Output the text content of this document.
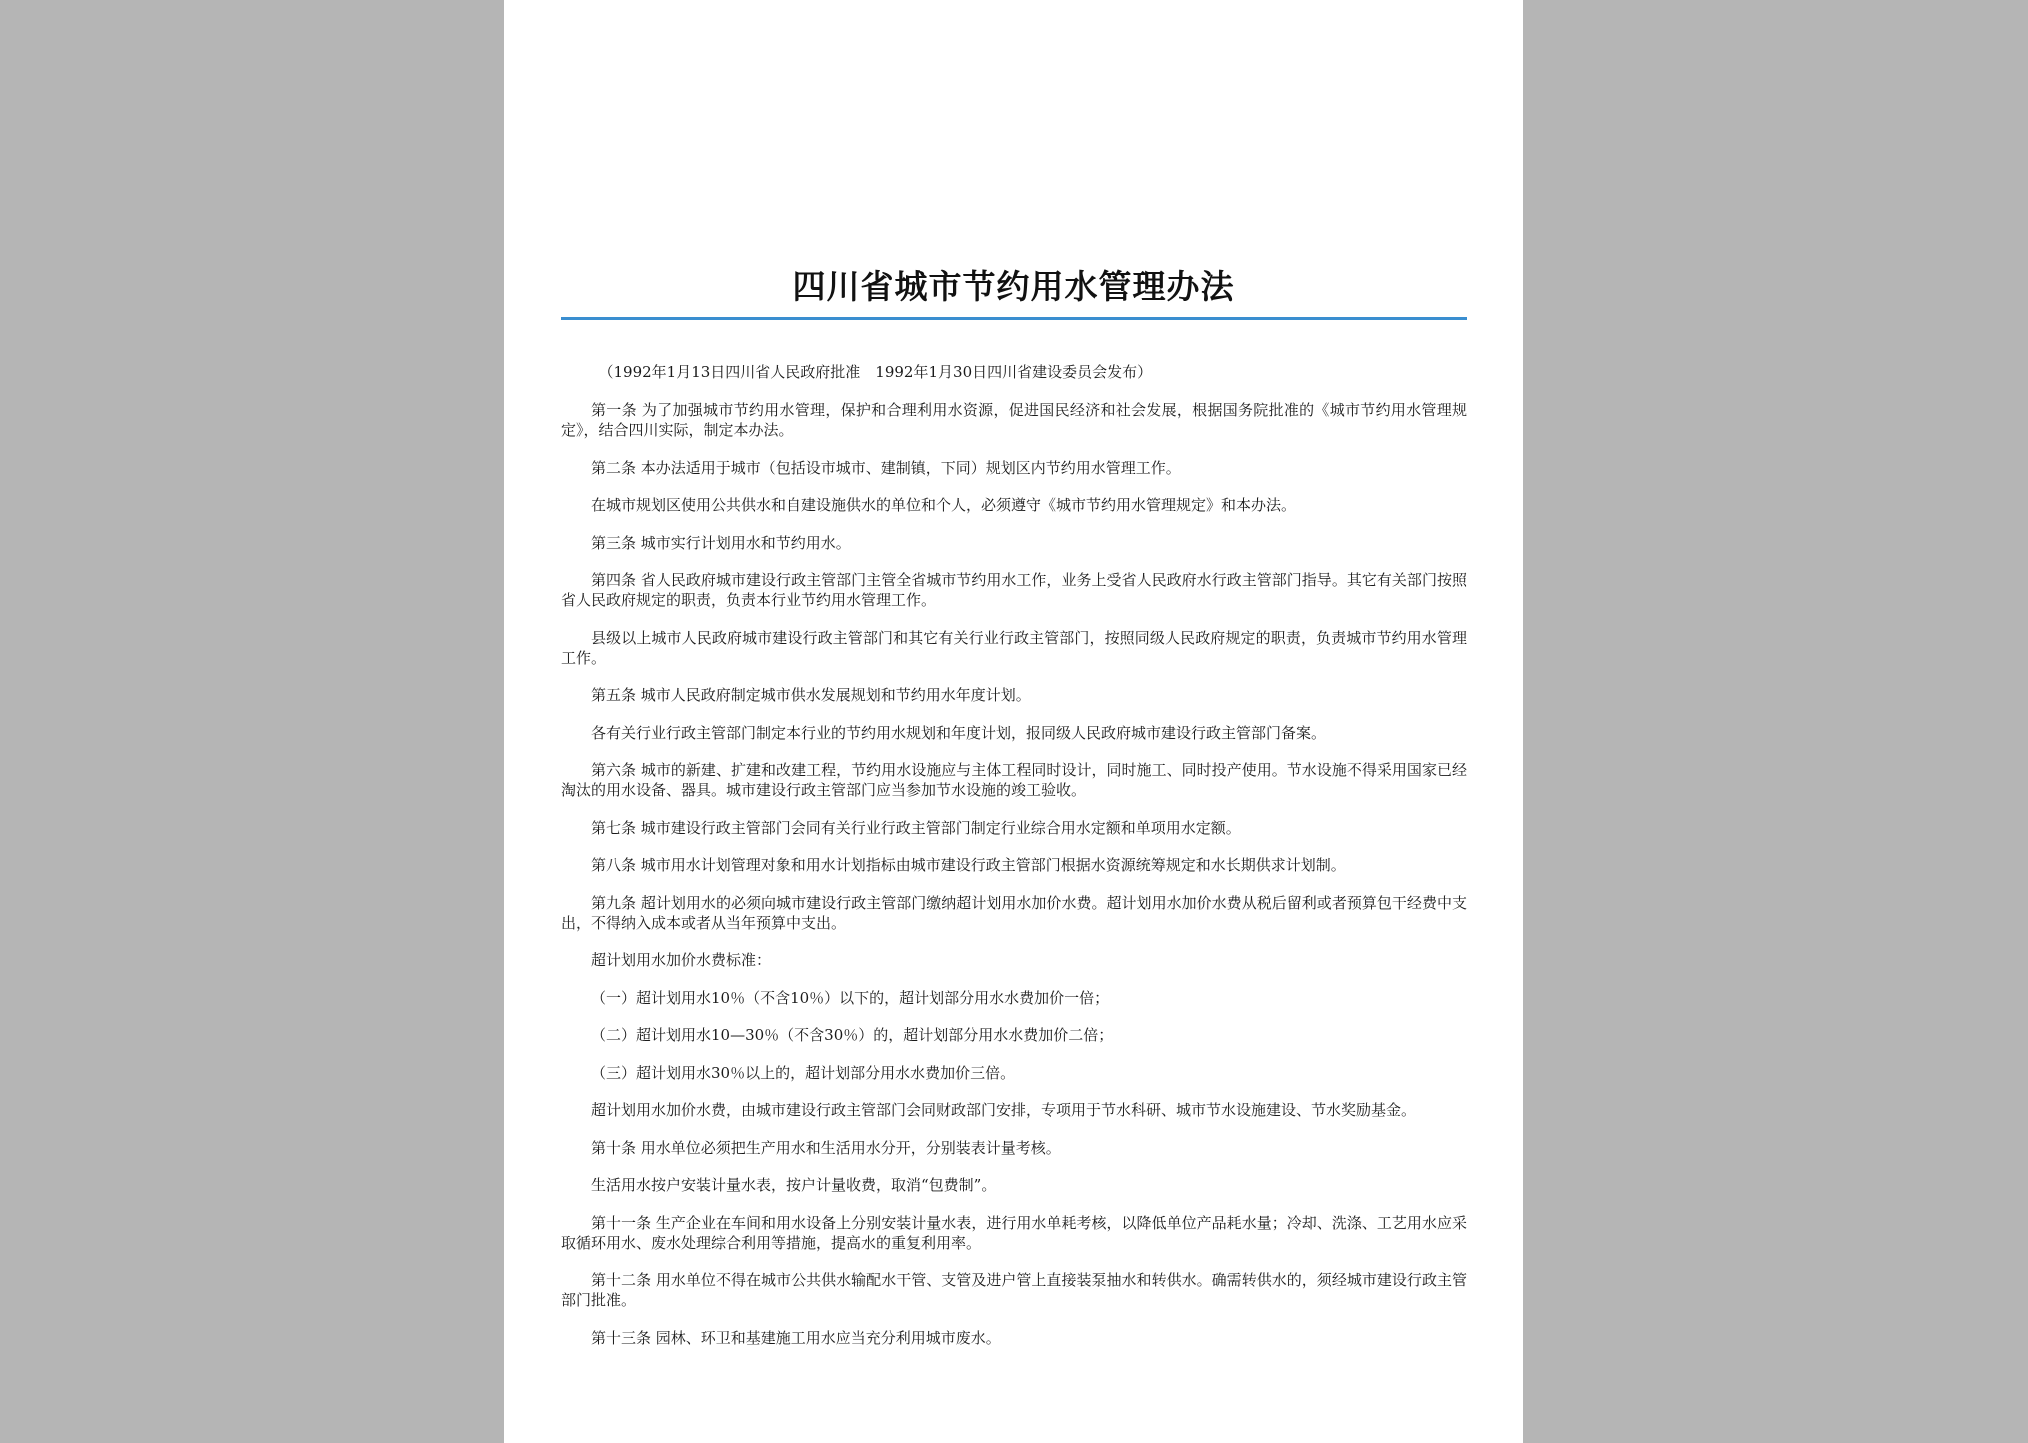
四川省城市节约用水管理办法

（1992年1月13日四川省人民政府批准　1992年1月30日四川省建设委员会发布）

第一条 为了加强城市节约用水管理，保护和合理利用水资源，促进国民经济和社会发展，根据国务院批准的《城市节约用水管理规定》，结合四川实际，制定本办法。

第二条 本办法适用于城市（包括设市城市、建制镇，下同）规划区内节约用水管理工作。

在城市规划区使用公共供水和自建设施供水的单位和个人，必须遵守《城市节约用水管理规定》和本办法。

第三条 城市实行计划用水和节约用水。

第四条 省人民政府城市建设行政主管部门主管全省城市节约用水工作，业务上受省人民政府水行政主管部门指导。其它有关部门按照省人民政府规定的职责，负责本行业节约用水管理工作。

县级以上城市人民政府城市建设行政主管部门和其它有关行业行政主管部门，按照同级人民政府规定的职责，负责城市节约用水管理工作。

第五条 城市人民政府制定城市供水发展规划和节约用水年度计划。

各有关行业行政主管部门制定本行业的节约用水规划和年度计划，报同级人民政府城市建设行政主管部门备案。

第六条 城市的新建、扩建和改建工程，节约用水设施应与主体工程同时设计，同时施工、同时投产使用。节水设施不得采用国家已经淘汰的用水设备、器具。城市建设行政主管部门应当参加节水设施的竣工验收。

第七条 城市建设行政主管部门会同有关行业行政主管部门制定行业综合用水定额和单项用水定额。

第八条 城市用水计划管理对象和用水计划指标由城市建设行政主管部门根据水资源统筹规定和水长期供求计划制。

第九条 超计划用水的必须向城市建设行政主管部门缴纳超计划用水加价水费。超计划用水加价水费从税后留利或者预算包干经费中支出，不得纳入成本或者从当年预算中支出。

超计划用水加价水费标准：

（一）超计划用水10％（不含10％）以下的，超计划部分用水水费加价一倍；

（二）超计划用水10—30％（不含30％）的，超计划部分用水水费加价二倍；

（三）超计划用水30％以上的，超计划部分用水水费加价三倍。

超计划用水加价水费，由城市建设行政主管部门会同财政部门安排，专项用于节水科研、城市节水设施建设、节水奖励基金。

第十条 用水单位必须把生产用水和生活用水分开，分别装表计量考核。

生活用水按户安装计量水表，按户计量收费，取消“包费制”。

第十一条 生产企业在车间和用水设备上分别安装计量水表，进行用水单耗考核，以降低单位产品耗水量；冷却、洗涤、工艺用水应采取循环用水、废水处理综合利用等措施，提高水的重复利用率。

第十二条 用水单位不得在城市公共供水输配水干管、支管及进户管上直接装泵抽水和转供水。确需转供水的，须经城市建设行政主管部门批准。

第十三条 园林、环卫和基建施工用水应当充分利用城市废水。
